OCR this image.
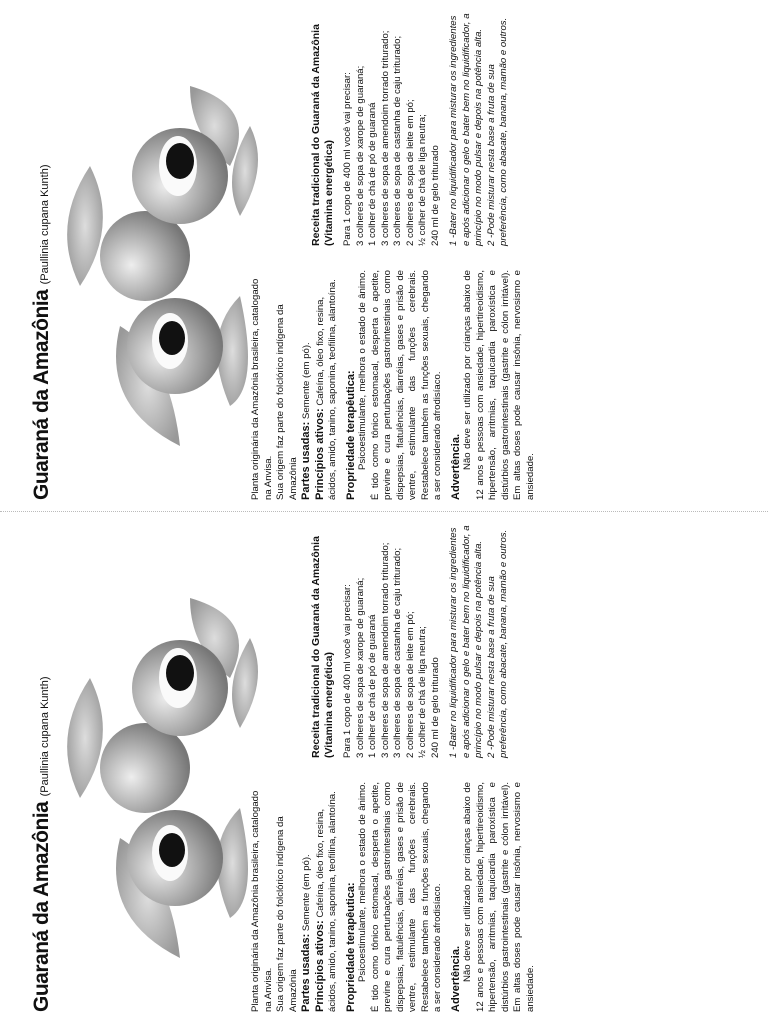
Guaraná da Amazônia (Paullinia cupana Kunth)

Planta originária da Amazônia brasileira, catalogado na Anvisa. Sua origem faz parte do folclórico indígena da Amazônia Partes usadas: Semente (em pó).

Princípios ativos: Cafeína, óleo fixo, resina, ácidos, amido, tanino, saponina, teofilina, alantoína. Propriedade terapêutica: Psicoestimulante, melhora o estado de ânimo. É tido como tônico estomacal, desperta o apetite, previne e cura perturbações gastrointestinais como dispepsias, flatulências, diarréias, gases e prisão de ventre, estimulante das funções cerebrais. Restabelece também as funções sexuais, chegando a ser considerado afrodisíaco. Advertência. Não deve ser utilizado por crianças abaixo de 12 anos e pessoas com ansiedade, hipertireoidismo, hipertensão, arritmias, taquicardia paroxística e distúrbios gastrointestinais (gastrite e cólon irritável). Em altas doses pode causar insônia, nervosismo e ansiedade.

Receita tradicional do Guaraná da Amazônia (Vitamina energética) Para 1 copo de 400 ml você vai precisar: 3 colheres de sopa de xarope de guaraná; 1 colher de chá de pó de guaraná 3 colheres de sopa de amendoim torrado triturado; 3 colheres de sopa de castanha de caju triturado; 2 colheres de sopa de leite em pó; ½ colher de chá de liga neutra; 240 ml de gelo triturado 1 -Bater no liquidificador para misturar os ingredientes e após adicionar o gelo e bater bem no liquidificador, a princípio no modo pulsar e depois na potência alta. 2 -Pode misturar nesta base a fruta de sua preferência, como abacate, banana, mamão e outros.

Guaraná da Amazônia (Paullinia cupana Kunth)

Planta originária da Amazônia brasileira, catalogado na Anvisa. Sua origem faz parte do folclórico indígena da Amazônia Partes usadas: Semente (em pó).

Princípios ativos: Cafeína, óleo fixo, resina, ácidos, amido, tanino, saponina, teofilina, alantoína. Propriedade terapêutica: Psicoestimulante, melhora o estado de ânimo. É tido como tônico estomacal, desperta o apetite, previne e cura perturbações gastrointestinais como dispepsias, flatulências, diarréias, gases e prisão de ventre, estimulante das funções cerebrais. Restabelece também as funções sexuais, chegando a ser considerado afrodisíaco. Advertência. Não deve ser utilizado por crianças abaixo de 12 anos e pessoas com ansiedade, hipertireoidismo, hipertensão, arritmias, taquicardia paroxística e distúrbios gastrointestinais (gastrite e cólon irritável). Em altas doses pode causar insônia, nervosismo e ansiedade.

Receita tradicional do Guaraná da Amazônia (Vitamina energética) Para 1 copo de 400 ml você vai precisar: 3 colheres de sopa de xarope de guaraná; 1 colher de chá de pó de guaraná 3 colheres de sopa de amendoim torrado triturado; 3 colheres de sopa de castanha de caju triturado; 2 colheres de sopa de leite em pó; ½ colher de chá de liga neutra; 240 ml de gelo triturado 1 -Bater no liquidificador para misturar os ingredientes e após adicionar o gelo e bater bem no liquidificador, a princípio no modo pulsar e depois na potência alta. 2 -Pode misturar nesta base a fruta de sua preferência, como abacate, banana, mamão e outros.
